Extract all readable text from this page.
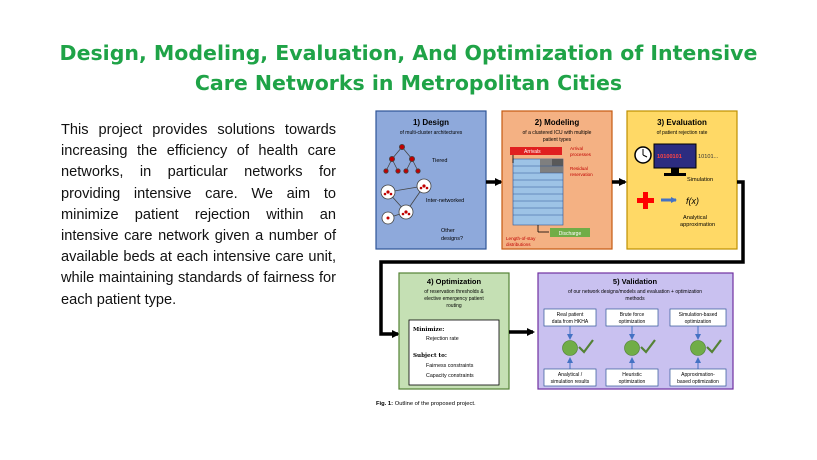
Design, Modeling, Evaluation, And Optimization of Intensive Care Networks in Metropolitan Cities

This project provides solutions towards increasing the efficiency of health care networks, in particular networks for providing intensive care. We aim to minimize patient rejection within an intensive care network given a number of available beds at each intensive care unit, while maintaining standards of fairness for each patient type.

1) Design
of multi-cluster architectures
Tiered
Inter-networked
Other
designs?
2) Modeling
of a clustered ICU with multiple
patient types
Arrivals
Arrival
processes
Residual
reservation
Discharge
Length-of-stay
distributions
3) Evaluation
of patient rejection rate
10100101	10101...
Simulation
f(x)
Analytical
approximation
4) Optimization
of reservation thresholds &
elective emergency patient
routing
Minimize:
Rejection rate
Subject to:
Fairness constraints
Capacity constraints
5) Validation
of our network designs/models and evaluation + optimization
methods
Real patient
data from HKHA
Analytical /
simulation results
Brute force
optimization
Heuristic
optimization
Simulation-based
optimization
Approximation-
based optimization
Fig. 1: Outline of the proposed project.
